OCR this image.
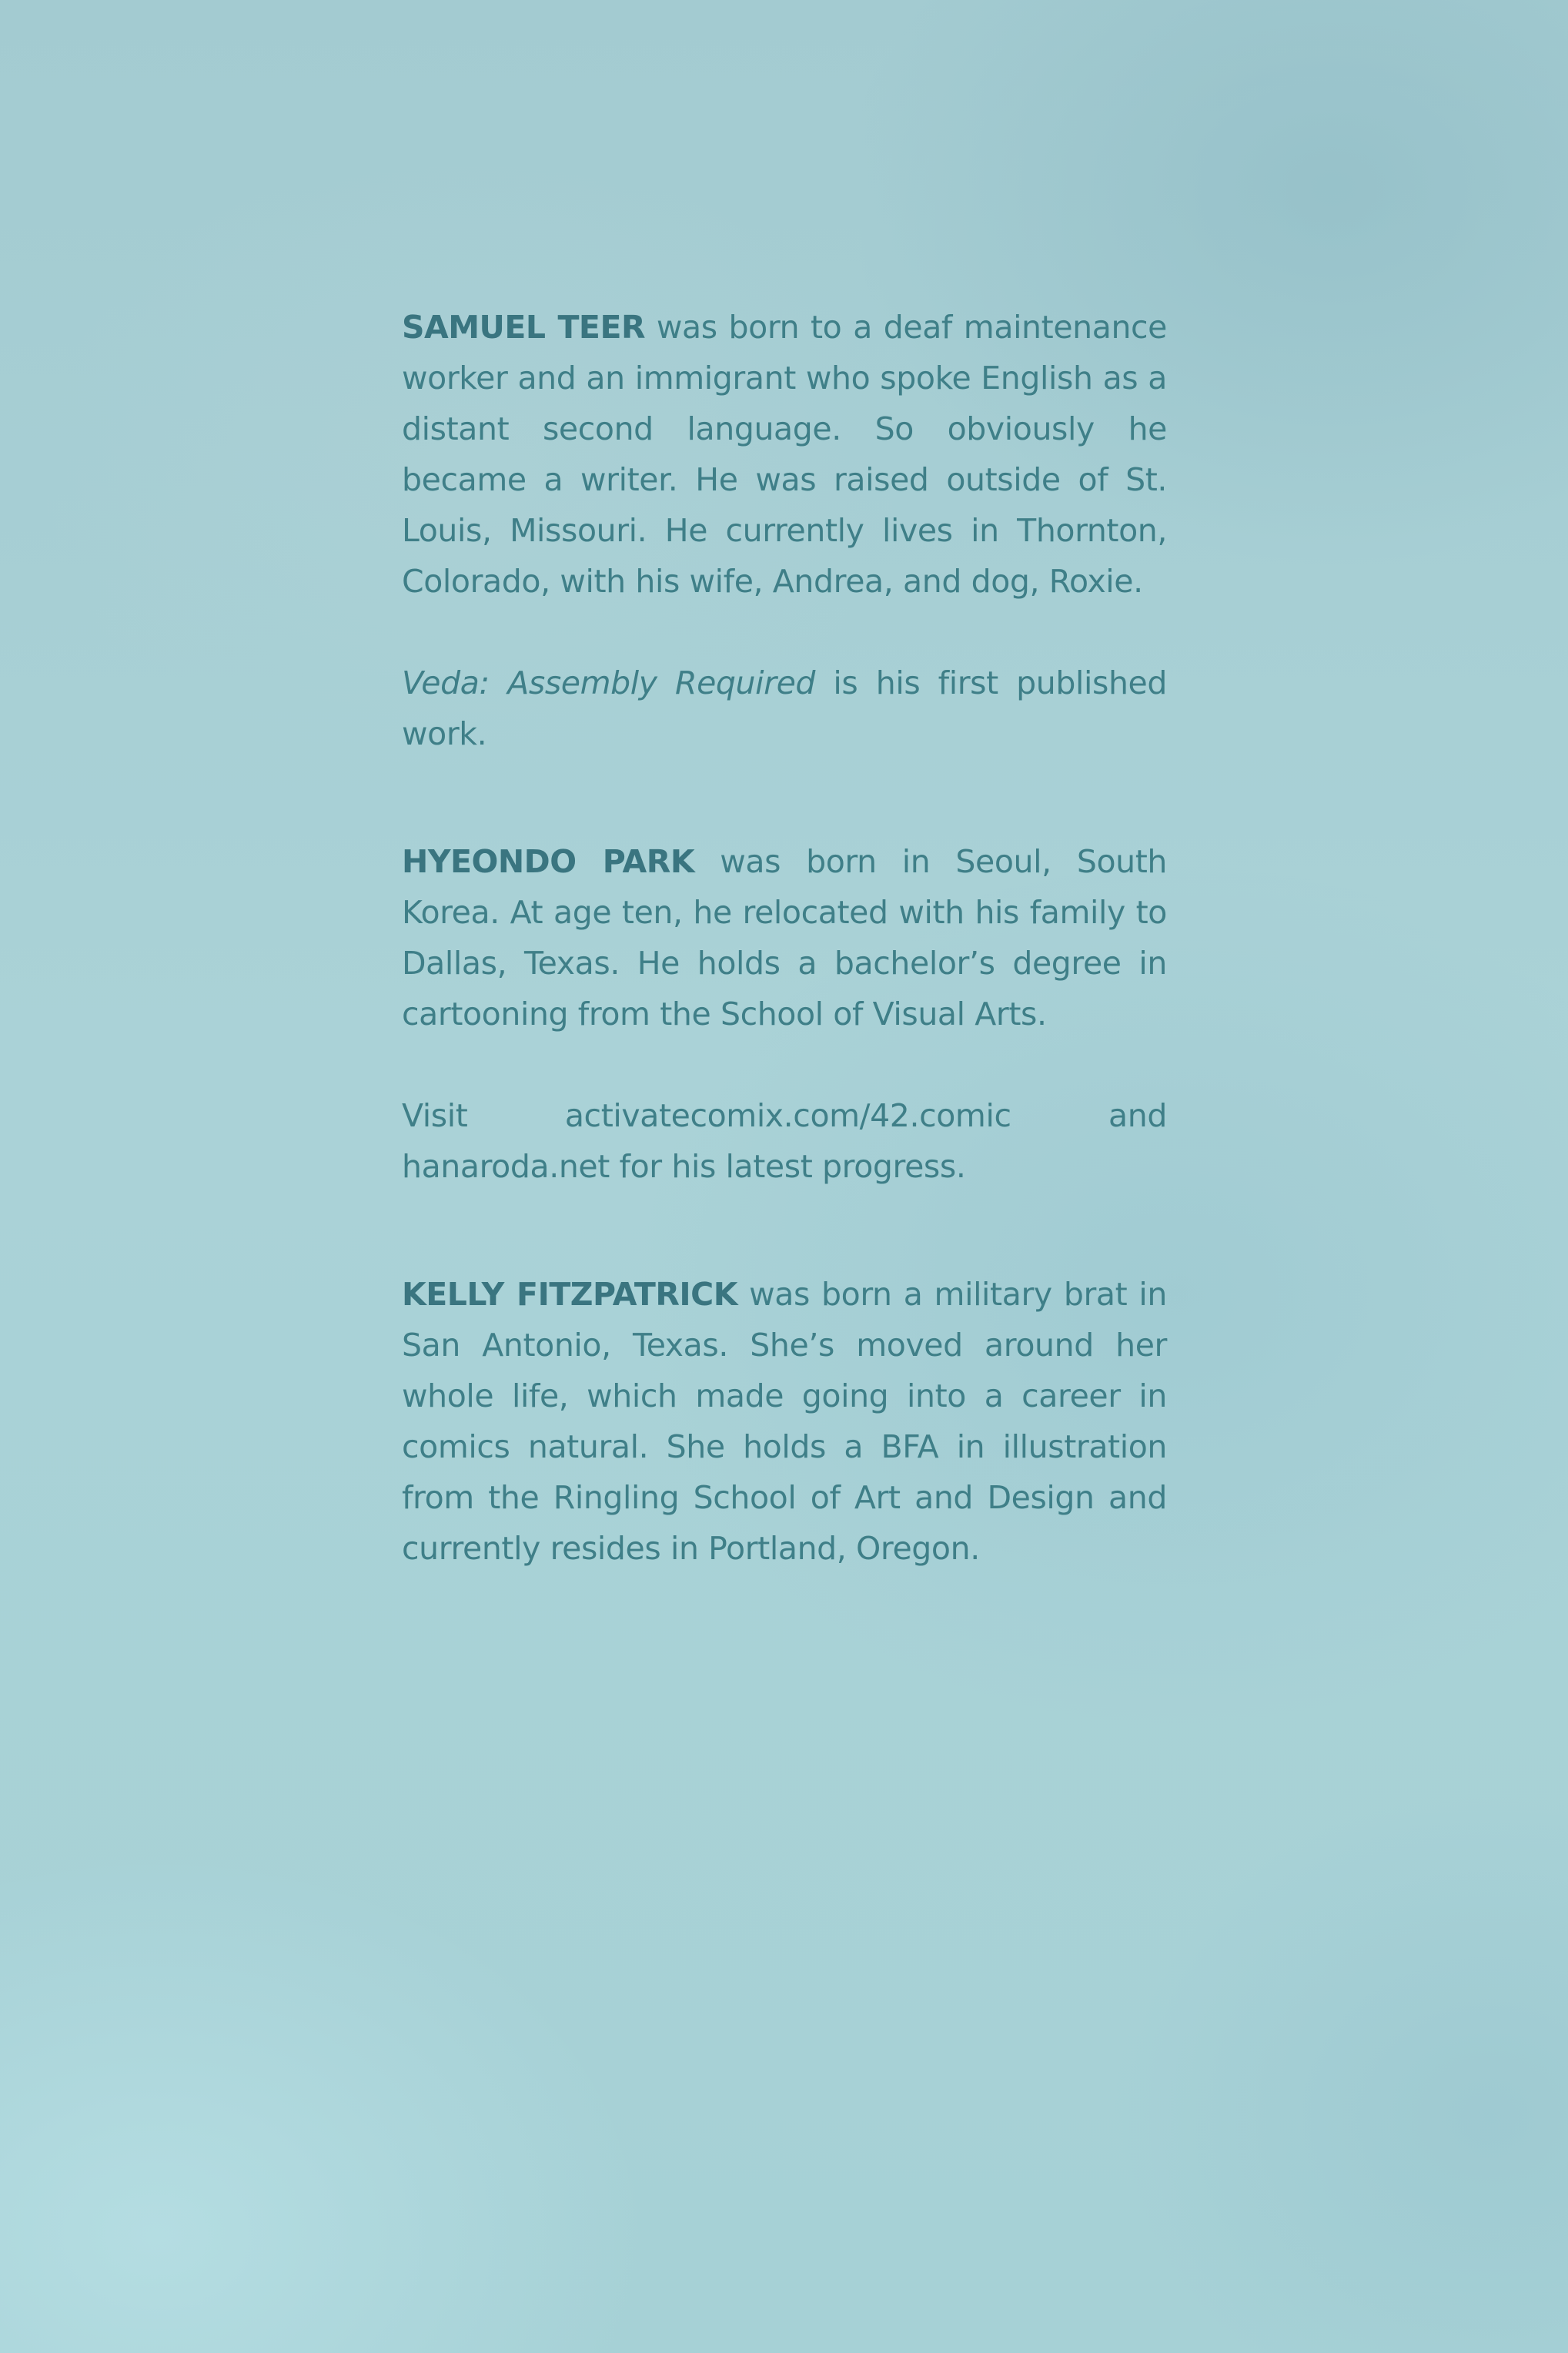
SAMUEL TEER was born to a deaf maintenance worker and an immigrant who spoke English as a distant second language. So obviously he became a writer. He was raised outside of St. Louis, Missouri. He currently lives in Thornton, Colorado, with his wife, Andrea, and dog, Roxie.

Veda: Assembly Required is his first published work.

HYEONDO PARK was born in Seoul, South Korea. At age ten, he relocated with his family to Dallas, Texas. He holds a bachelor’s degree in cartooning from the School of Visual Arts.

Visit activatecomix.com/42.comic and hanaroda.net for his latest progress.

KELLY FITZPATRICK was born a military brat in San Antonio, Texas. She’s moved around her whole life, which made going into a career in comics natural. She holds a BFA in illustration from the Ringling School of Art and Design and currently resides in Portland, Oregon.
